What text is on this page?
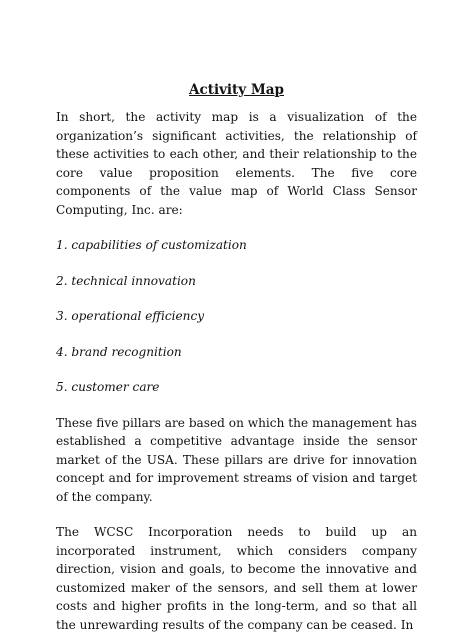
Activity Map

In short, the activity map is a visualization of the organization’s significant activities, the relationship of these activities to each other, and their relationship to the core value proposition elements. The five core components of the value map of World Class Sensor Computing, Inc. are:

1. capabilities of customization

2. technical innovation

3. operational efficiency

4. brand recognition

5. customer care

These five pillars are based on which the management has established a competitive advantage inside the sensor market of the USA. These pillars are drive for innovation concept and for improvement streams of vision and target of the company.

The WCSC Incorporation needs to build up an incorporated instrument, which considers company direction, vision and goals, to become the innovative and customized maker of the sensors, and sell them at lower costs and higher profits in the long-term, and so that all the unrewarding results of the company can be ceased. In
